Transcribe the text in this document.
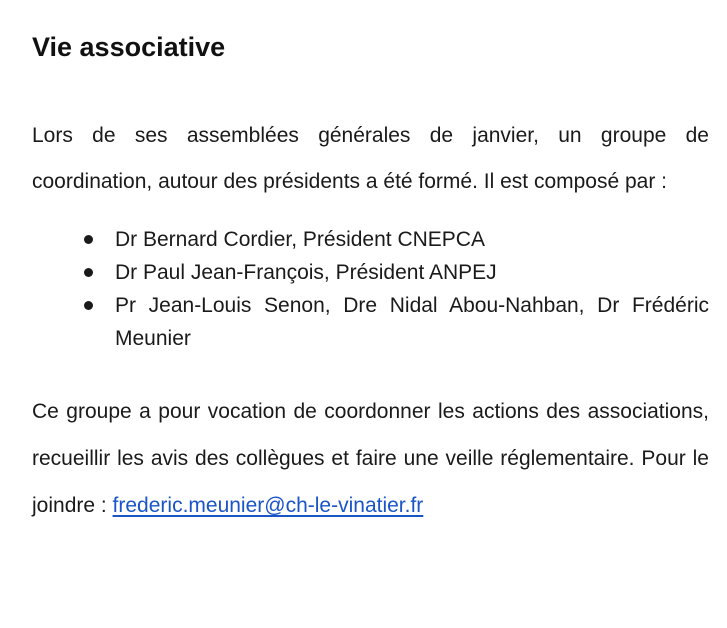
Vie associative

Lors de ses assemblées générales de janvier, un groupe de coordination, autour des présidents a été formé. Il est composé par :

Dr Bernard Cordier, Président CNEPCA
Dr Paul Jean-François, Président ANPEJ
Pr Jean-Louis Senon, Dre Nidal Abou-Nahban, Dr Frédéric Meunier

Ce groupe a pour vocation de coordonner les actions des associations, recueillir les avis des collègues et faire une veille réglementaire. Pour le joindre : frederic.meunier@ch-le-vinatier.fr
